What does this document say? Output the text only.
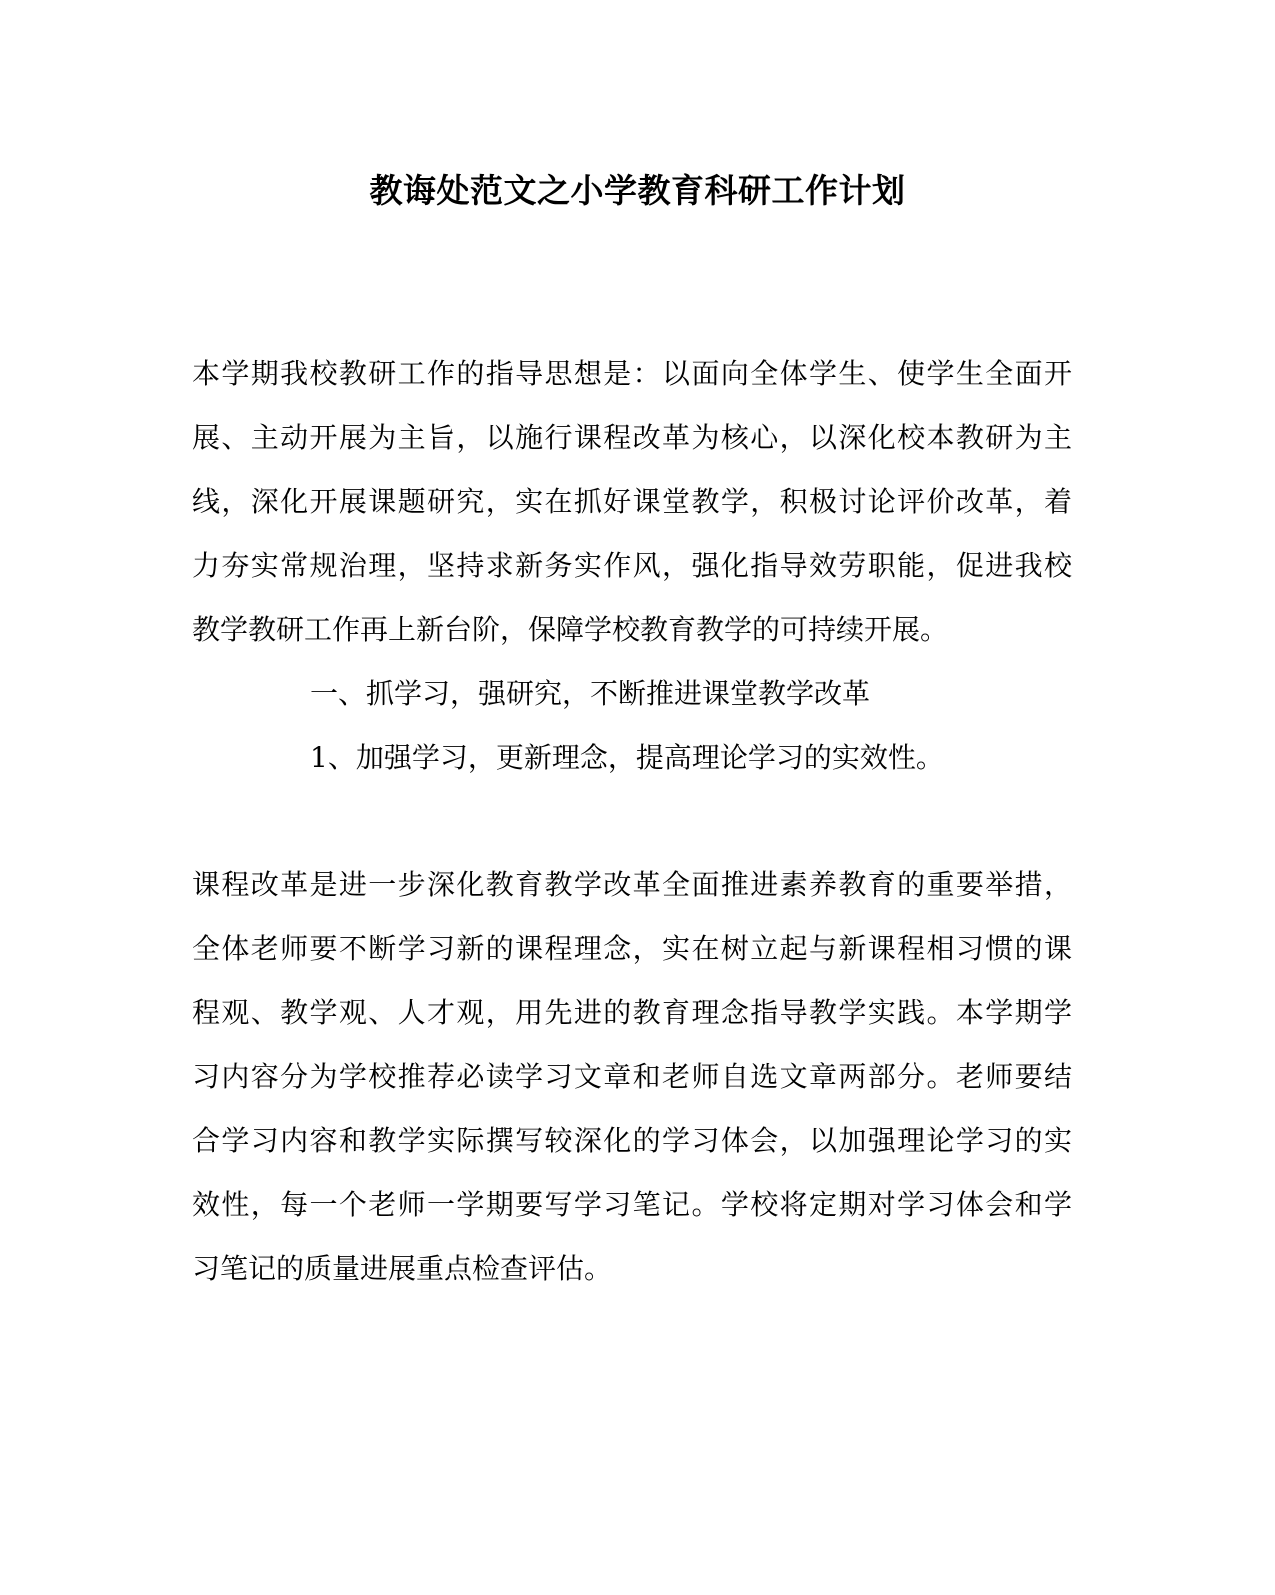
教诲处范文之小学教育科研工作计划
本学期我校教研工作的指导思想是：以面向全体学生、使学生全面开
展、主动开展为主旨，以施行课程改革为核心，以深化校本教研为主
线，深化开展课题研究，实在抓好课堂教学，积极讨论评价改革，着
力夯实常规治理，坚持求新务实作风，强化指导效劳职能，促进我校
教学教研工作再上新台阶，保障学校教育教学的可持续开展。
一、抓学习，强研究，不断推进课堂教学改革
1、加强学习，更新理念，提高理论学习的实效性。
课程改革是进一步深化教育教学改革全面推进素养教育的重要举措，
全体老师要不断学习新的课程理念，实在树立起与新课程相习惯的课
程观、教学观、人才观，用先进的教育理念指导教学实践。本学期学
习内容分为学校推荐必读学习文章和老师自选文章两部分。老师要结
合学习内容和教学实际撰写较深化的学习体会，以加强理论学习的实
效性，每一个老师一学期要写学习笔记。学校将定期对学习体会和学
习笔记的质量进展重点检查评估。
